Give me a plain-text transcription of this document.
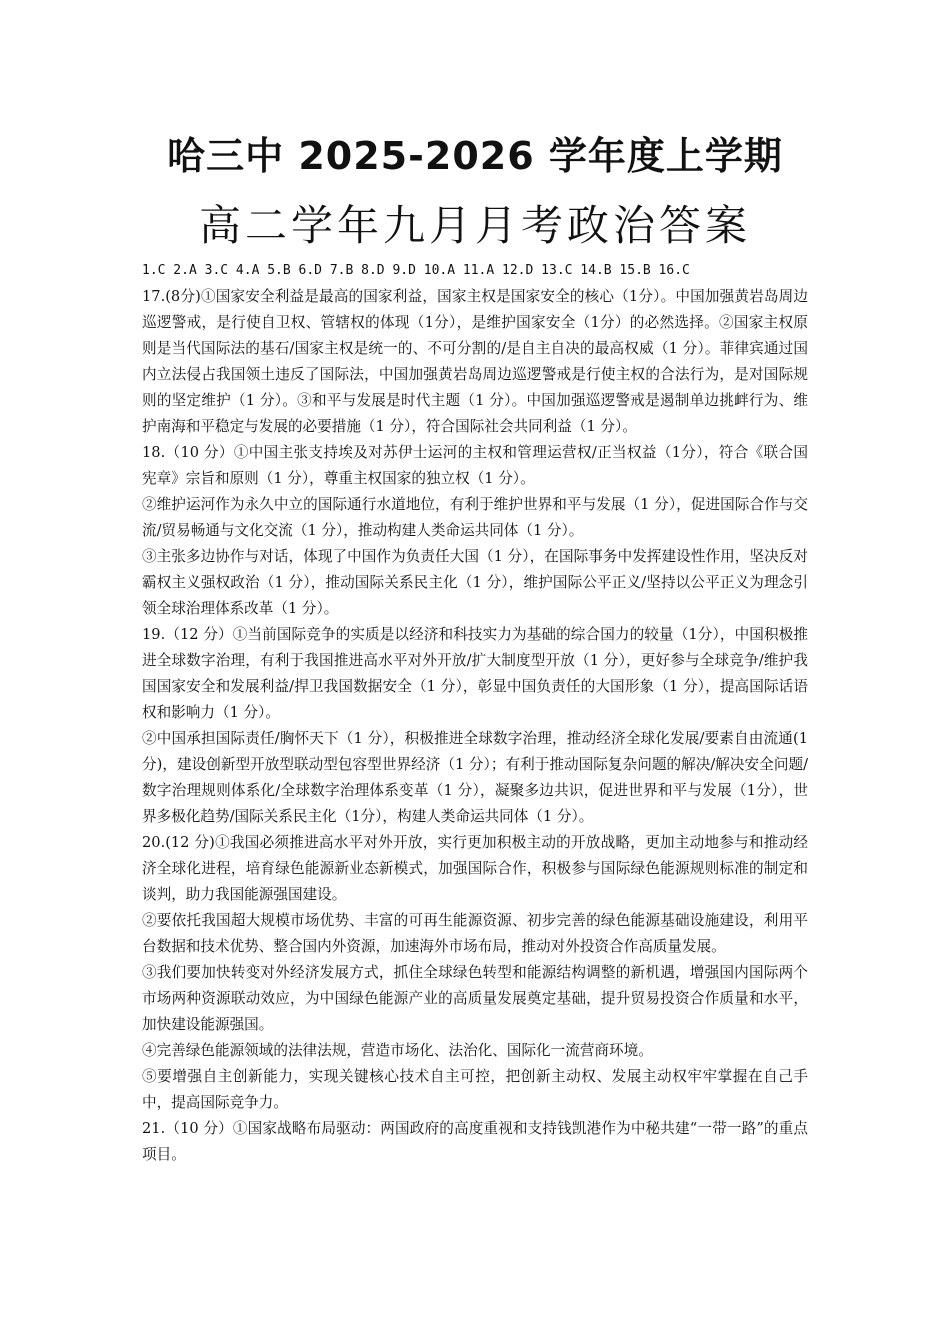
哈三中 2025-2026 学年度上学期
高二学年九月月考政治答案
1.C 2.A 3.C 4.A 5.B 6.D 7.B 8.D 9.D 10.A 11.A 12.D 13.C 14.B 15.B 16.C

17.(8分)①国家安全利益是最高的国家利益，国家主权是国家安全的核心（1分）。中国加强黄岩岛周边巡逻警戒，是行使自卫权、管辖权的体现（1分），是维护国家安全（1分）的必然选择。②国家主权原则是当代国际法的基石/国家主权是统一的、不可分割的/是自主自决的最高权威（1 分）。菲律宾通过国内立法侵占我国领土违反了国际法，中国加强黄岩岛周边巡逻警戒是行使主权的合法行为，是对国际规则的坚定维护（1 分）。③和平与发展是时代主题（1 分）。中国加强巡逻警戒是遏制单边挑衅行为、维护南海和平稳定与发展的必要措施（1 分），符合国际社会共同利益（1 分）。

18.（10 分）①中国主张支持埃及对苏伊士运河的主权和管理运营权/正当权益（1分），符合《联合国宪章》宗旨和原则（1 分），尊重主权国家的独立权（1 分）。

②维护运河作为永久中立的国际通行水道地位，有利于维护世界和平与发展（1 分），促进国际合作与交流/贸易畅通与文化交流（1 分），推动构建人类命运共同体（1 分）。

③主张多边协作与对话，体现了中国作为负责任大国（1 分），在国际事务中发挥建设性作用，坚决反对霸权主义强权政治（1 分），推动国际关系民主化（1 分），维护国际公平正义/坚持以公平正义为理念引领全球治理体系改革（1 分）。

19.（12 分）①当前国际竞争的实质是以经济和科技实力为基础的综合国力的较量（1分），中国积极推进全球数字治理，有利于我国推进高水平对外开放/扩大制度型开放（1 分），更好参与全球竞争/维护我国国家安全和发展利益/捍卫我国数据安全（1 分），彰显中国负责任的大国形象（1 分），提高国际话语权和影响力（1 分）。

②中国承担国际责任/胸怀天下（1 分），积极推进全球数字治理，推动经济全球化发展/要素自由流通(1 分)，建设创新型开放型联动型包容型世界经济（1 分）；有利于推动国际复杂问题的解决/解决安全问题/数字治理规则体系化/全球数字治理体系变革（1 分），凝聚多边共识，促进世界和平与发展（1分），世界多极化趋势/国际关系民主化（1分），构建人类命运共同体（1 分）。

20.(12 分)①我国必须推进高水平对外开放，实行更加积极主动的开放战略，更加主动地参与和推动经济全球化进程，培育绿色能源新业态新模式，加强国际合作，积极参与国际绿色能源规则标准的制定和谈判，助力我国能源强国建设。

②要依托我国超大规模市场优势、丰富的可再生能源资源、初步完善的绿色能源基础设施建设，利用平台数据和技术优势、整合国内外资源，加速海外市场布局，推动对外投资合作高质量发展。

③我们要加快转变对外经济发展方式，抓住全球绿色转型和能源结构调整的新机遇，增强国内国际两个市场两种资源联动效应，为中国绿色能源产业的高质量发展奠定基础，提升贸易投资合作质量和水平，加快建设能源强国。

④完善绿色能源领域的法律法规，营造市场化、法治化、国际化一流营商环境。

⑤要增强自主创新能力，实现关键核心技术自主可控，把创新主动权、发展主动权牢牢掌握在自己手中，提高国际竞争力。

21.（10 分）①国家战略布局驱动：两国政府的高度重视和支持钱凯港作为中秘共建“一带一路”的重点项目。
